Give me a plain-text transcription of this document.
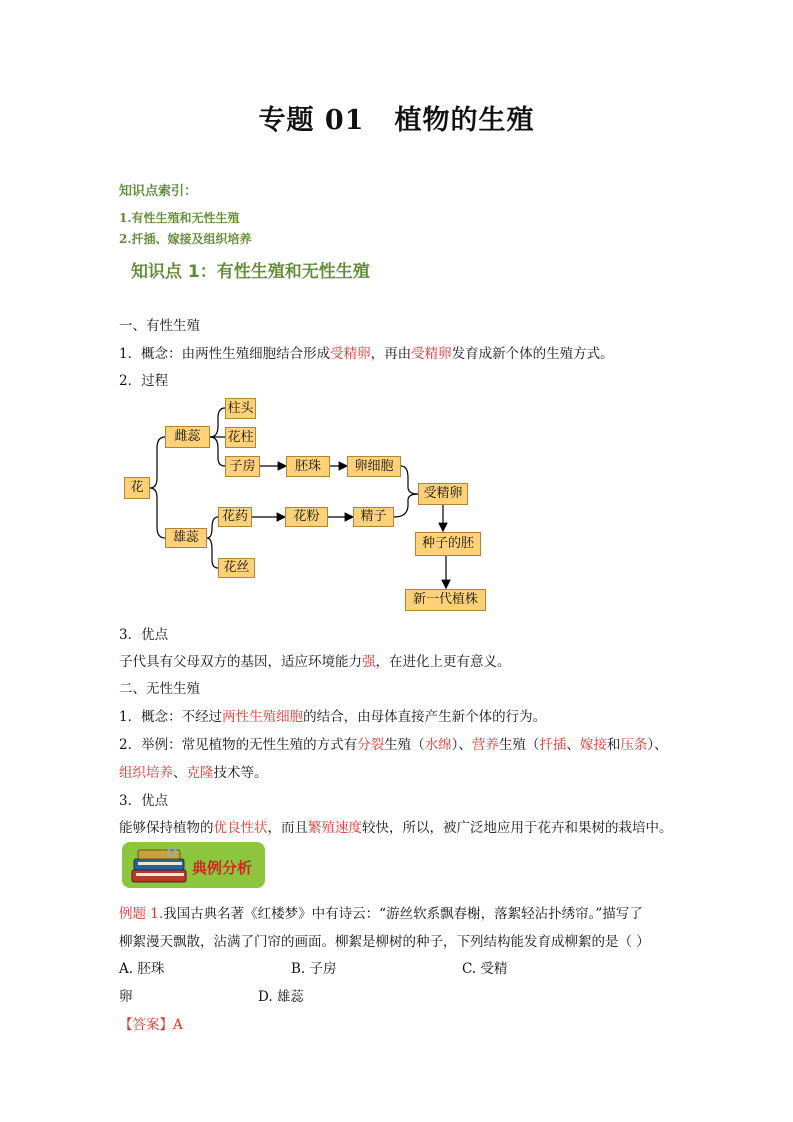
专题 01 植物的生殖
知识点索引：
1.有性生殖和无性生殖
2.扦插、嫁接及组织培养
知识点 1：有性生殖和无性生殖
一、有性生殖
1．概念：由两性生殖细胞结合形成受精卵，再由受精卵发育成新个体的生殖方式。
2．过程
花
雌蕊
柱头
花柱
子房	胚珠	卵细胞
雄蕊
花药
花丝
花粉	精子
受精卵
种子的胚
新一代植株
3．优点
子代具有父母双方的基因，适应环境能力强，在进化上更有意义。
二、无性生殖
1．概念：不经过两性生殖细胞的结合，由母体直接产生新个体的行为。
2．举例：常见植物的无性生殖的方式有分裂生殖（水绵）、营养生殖（扦插、嫁接和压条）、
组织培养、克隆技术等。
3．优点
能够保持植物的优良性状，而且繁殖速度较快，所以，被广泛地应用于花卉和果树的栽培中。
典例分析
例题 1.我国古典名著《红楼梦》中有诗云：“游丝软系飘春榭，落絮轻沾扑绣帘。”描写了
柳絮漫天飘散，沾满了门帘的画面。柳絮是柳树的种子，下列结构能发育成柳絮的是（ ）
A. 胚珠	B. 子房	C. 受精
卵	D. 雄蕊
【答案】A
